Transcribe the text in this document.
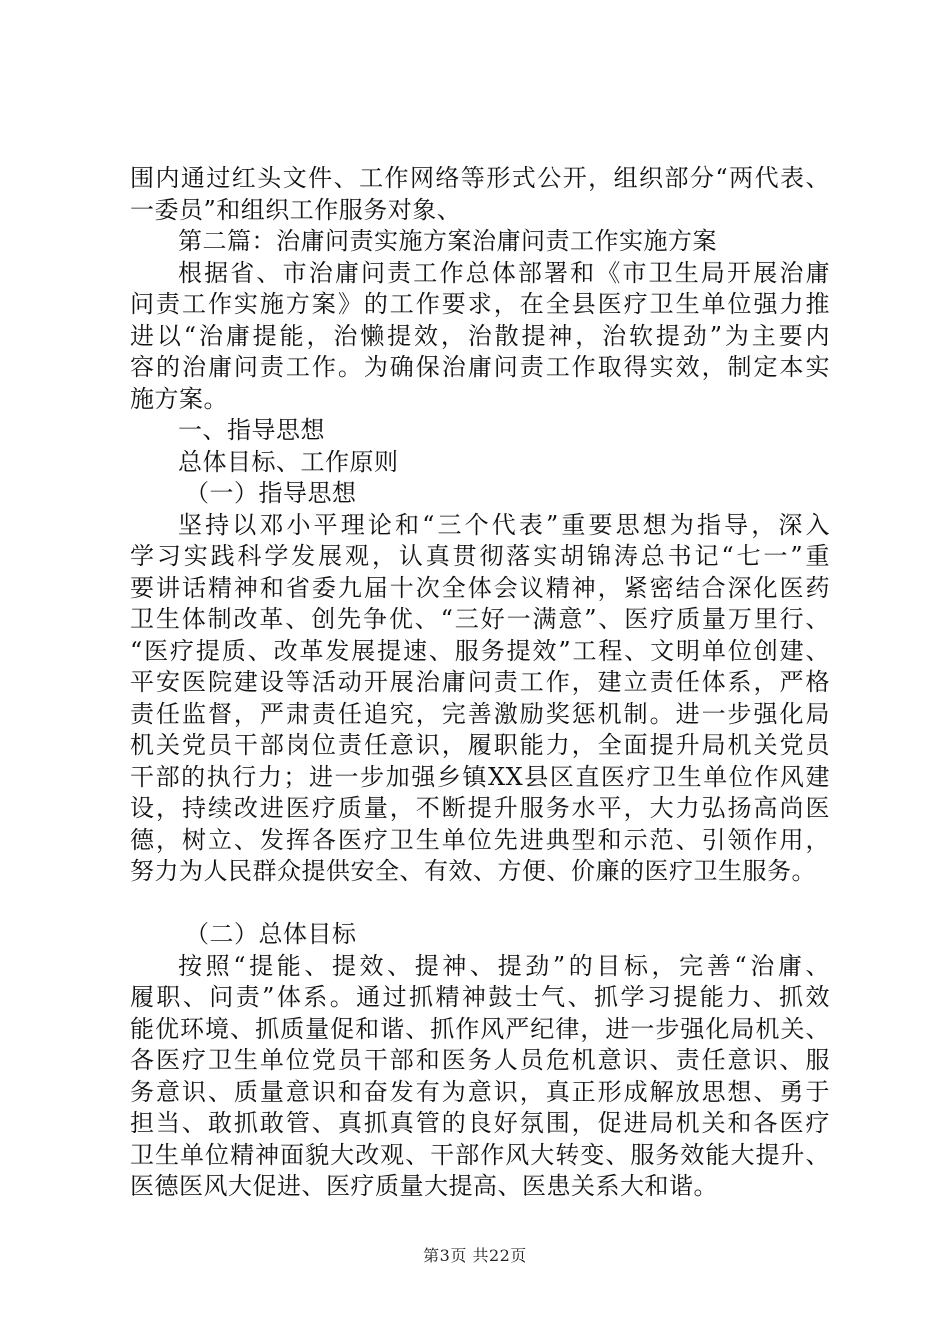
围内通过红头文件、工作网络等形式公开，组织部分“两代表、
一委员”和组织工作服务对象、
第二篇：治庸问责实施方案治庸问责工作实施方案
根据省、市治庸问责工作总体部署和《市卫生局开展治庸
问责工作实施方案》的工作要求，在全县医疗卫生单位强力推
进以“治庸提能，治懒提效，治散提神，治软提劲”为主要内
容的治庸问责工作。为确保治庸问责工作取得实效，制定本实
施方案。
一、指导思想
总体目标、工作原则
（一）指导思想
坚持以邓小平理论和“三个代表”重要思想为指导，深入
学习实践科学发展观，认真贯彻落实胡锦涛总书记“七一”重
要讲话精神和省委九届十次全体会议精神，紧密结合深化医药
卫生体制改革、创先争优、“三好一满意”、医疗质量万里行、
“医疗提质、改革发展提速、服务提效”工程、文明单位创建、
平安医院建设等活动开展治庸问责工作，建立责任体系，严格
责任监督，严肃责任追究，完善激励奖惩机制。进一步强化局
机关党员干部岗位责任意识，履职能力，全面提升局机关党员
干部的执行力；进一步加强乡镇XX县区直医疗卫生单位作风建
设，持续改进医疗质量，不断提升服务水平，大力弘扬高尚医
德，树立、发挥各医疗卫生单位先进典型和示范、引领作用，
努力为人民群众提供安全、有效、方便、价廉的医疗卫生服务。
（二）总体目标
按照“提能、提效、提神、提劲”的目标，完善“治庸、
履职、问责”体系。通过抓精神鼓士气、抓学习提能力、抓效
能优环境、抓质量促和谐、抓作风严纪律，进一步强化局机关、
各医疗卫生单位党员干部和医务人员危机意识、责任意识、服
务意识、质量意识和奋发有为意识，真正形成解放思想、勇于
担当、敢抓敢管、真抓真管的良好氛围，促进局机关和各医疗
卫生单位精神面貌大改观、干部作风大转变、服务效能大提升、
医德医风大促进、医疗质量大提高、医患关系大和谐。
第3页 共22页
